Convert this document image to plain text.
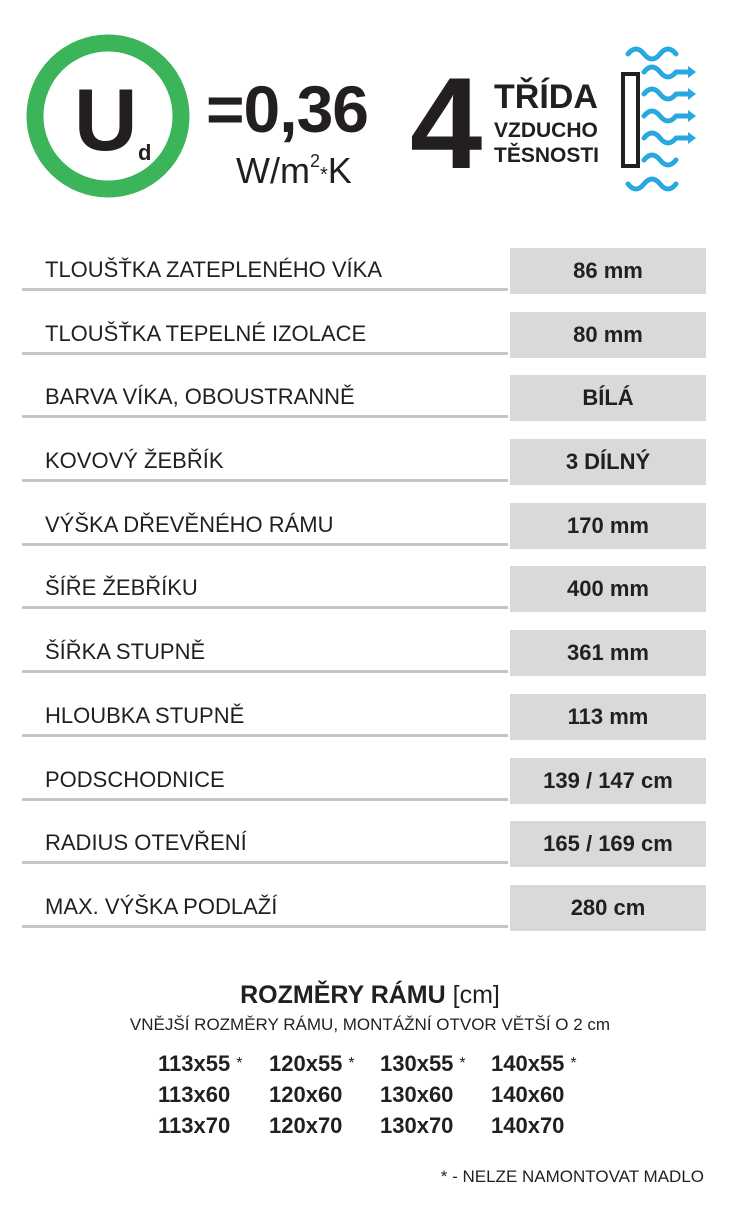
U d
=0,36
$W/m^2*K$ 4 TŘÍDA
VZDUCHO
TĚSNOSTI
TLOUŠŤKA ZATEPLENÉHO VÍKA	86 mm
TLOUŠŤKA TEPELNÉ IZOLACE	80 mm
BARVA VÍKA, OBOUSTRANNĚ	BÍLÁ
KOVOVÝ ŽEBŘÍK	3 DÍLNÝ
VÝŠKA DŘEVĚNÉHO RÁMU	170 mm
ŠÍŘE ŽEBŘÍKU	400 mm
ŠÍŘKA STUPNĚ	361 mm
HLOUBKA STUPNĚ	113 mm
PODSCHODNICE	139 / 147 cm
RADIUS OTEVŘENÍ	165 / 169 cm
MAX. VÝŠKA PODLAŽÍ	280 cm
ROZMĚRY RÁMU [cm]
VNĚJŠÍ ROZMĚRY RÁMU, MONTÁŽNÍ OTVOR VĚTŠÍ O 2 cm
113x55 * 120x55 * 130x55 * 140x55 *
113x60 120x60 130x60 140x60
113x70 120x70 130x70 140x70
* - NELZE NAMONTOVAT MADLO
